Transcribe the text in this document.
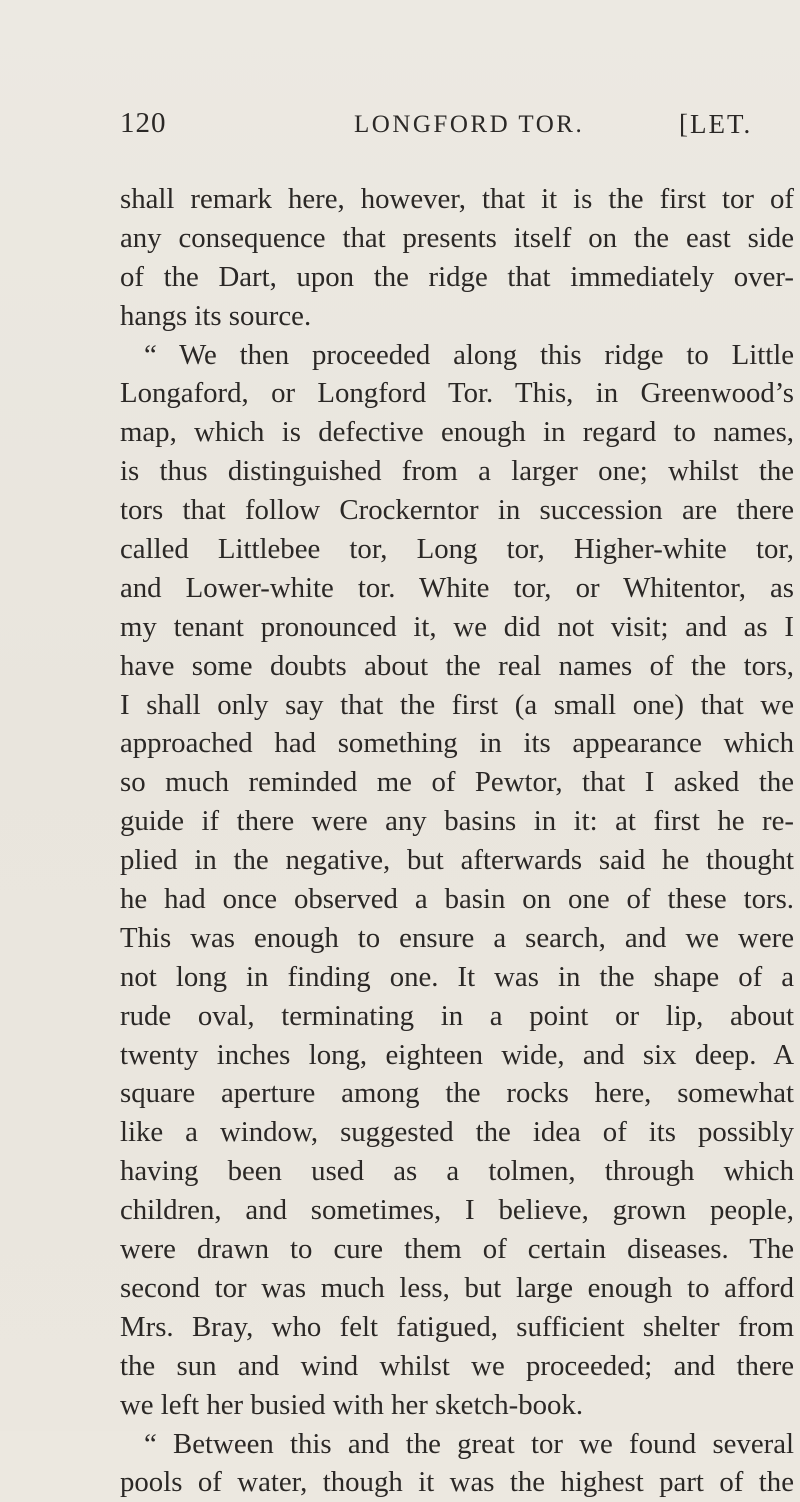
120	LONGFORD TOR.	[LET.
shall remark here, however, that it is the first tor of
any consequence that presents itself on the east side
of the Dart, upon the ridge that immediately over-
hangs its source.
“ We then proceeded along this ridge to Little
Longaford, or Longford Tor. This, in Greenwood’s
map, which is defective enough in regard to names,
is thus distinguished from a larger one; whilst the
tors that follow Crockerntor in succession are there
called Littlebee tor, Long tor, Higher-white tor,
and Lower-white tor. White tor, or Whitentor, as
my tenant pronounced it, we did not visit; and as I
have some doubts about the real names of the tors,
I shall only say that the first (a small one) that we
approached had something in its appearance which
so much reminded me of Pewtor, that I asked the
guide if there were any basins in it: at first he re-
plied in the negative, but afterwards said he thought
he had once observed a basin on one of these tors.
This was enough to ensure a search, and we were
not long in finding one. It was in the shape of a
rude oval, terminating in a point or lip, about
twenty inches long, eighteen wide, and six deep. A
square aperture among the rocks here, somewhat
like a window, suggested the idea of its possibly
having been used as a tolmen, through which
children, and sometimes, I believe, grown people,
were drawn to cure them of certain diseases. The
second tor was much less, but large enough to afford
Mrs. Bray, who felt fatigued, sufficient shelter from
the sun and wind whilst we proceeded; and there
we left her busied with her sketch-book.
“ Between this and the great tor we found several
pools of water, though it was the highest part of the
